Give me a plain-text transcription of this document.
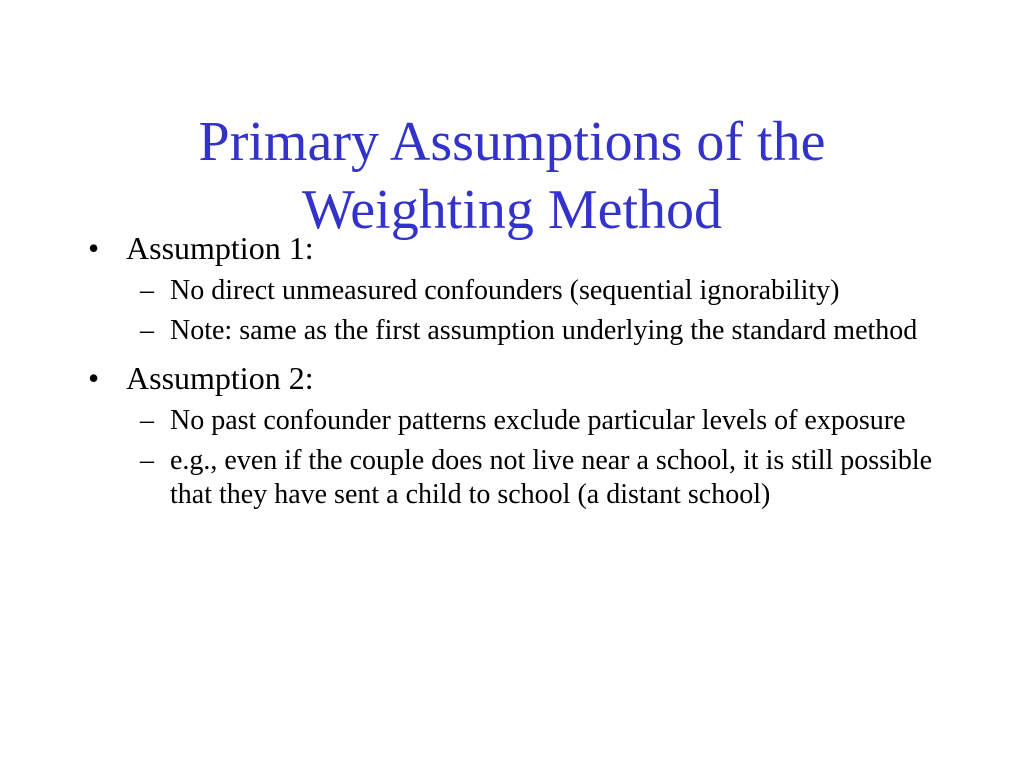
Primary Assumptions of the
Weighting Method
• Assumption 1:
– No direct unmeasured confounders (sequential ignorability)
– Note: same as the first assumption underlying the standard method
• Assumption 2:
– No past confounder patterns exclude particular levels of exposure
– e.g., even if the couple does not live near a school, it is still possible that they have sent a child to school (a distant school)
